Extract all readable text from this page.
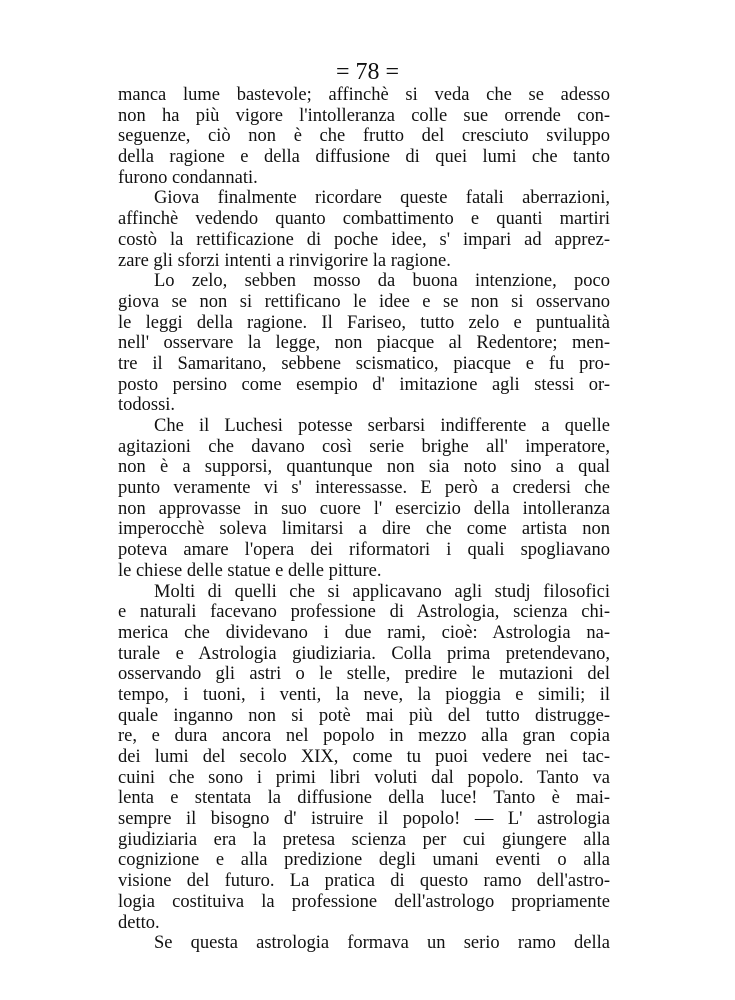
= 78 =
manca lume bastevole; affinchè si veda che se adesso
non ha più vigore l'intolleranza colle sue orrende con-
seguenze, ciò non è che frutto del cresciuto sviluppo
della ragione e della diffusione di quei lumi che tanto
furono condannati.
Giova finalmente ricordare queste fatali aberrazioni,
affinchè vedendo quanto combattimento e quanti martiri
costò la rettificazione di poche idee, s' impari ad apprez-
zare gli sforzi intenti a rinvigorire la ragione.
Lo zelo, sebben mosso da buona intenzione, poco
giova se non si rettificano le idee e se non si osservano
le leggi della ragione. Il Fariseo, tutto zelo e puntualità
nell' osservare la legge, non piacque al Redentore; men-
tre il Samaritano, sebbene scismatico, piacque e fu pro-
posto persino come esempio d' imitazione agli stessi or-
todossi.
Che il Luchesi potesse serbarsi indifferente a quelle
agitazioni che davano così serie brighe all' imperatore,
non è a supporsi, quantunque non sia noto sino a qual
punto veramente vi s' interessasse. E però a credersi che
non approvasse in suo cuore l' esercizio della intolleranza
imperocchè soleva limitarsi a dire che come artista non
poteva amare l'opera dei riformatori i quali spogliavano
le chiese delle statue e delle pitture.
Molti di quelli che si applicavano agli studj filosofici
e naturali facevano professione di Astrologia, scienza chi-
merica che dividevano i due rami, cioè: Astrologia na-
turale e Astrologia giudiziaria. Colla prima pretendevano,
osservando gli astri o le stelle, predire le mutazioni del
tempo, i tuoni, i venti, la neve, la pioggia e simili; il
quale inganno non si potè mai più del tutto distrugge-
re, e dura ancora nel popolo in mezzo alla gran copia
dei lumi del secolo XIX, come tu puoi vedere nei tac-
cuini che sono i primi libri voluti dal popolo. Tanto va
lenta e stentata la diffusione della luce! Tanto è mai-
sempre il bisogno d' istruire il popolo! — L' astrologia
giudiziaria era la pretesa scienza per cui giungere alla
cognizione e alla predizione degli umani eventi o alla
visione del futuro. La pratica di questo ramo dell'astro-
logia costituiva la professione dell'astrologo propriamente
detto.
Se questa astrologia formava un serio ramo della
